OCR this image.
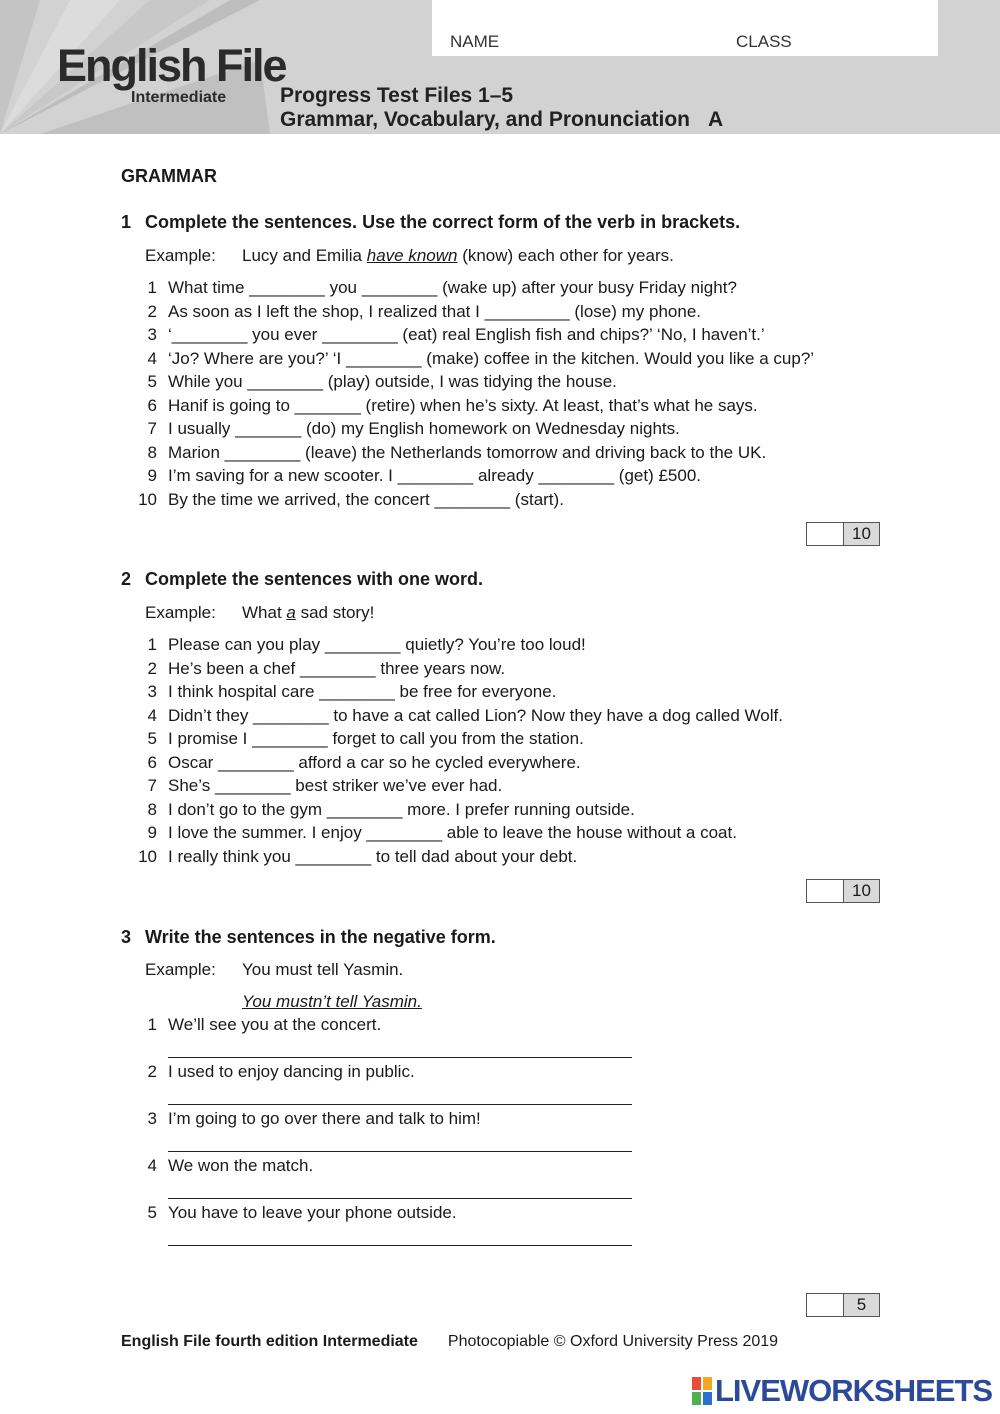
English File
Intermediate
NAME	CLASS
Progress Test Files 1–5
Grammar, Vocabulary, and Pronunciation A
GRAMMAR
1 Complete the sentences. Use the correct form of the verb in brackets.
Example: Lucy and Emilia have known (know) each other for years.
1 What time ________ you ________ (wake up) after your busy Friday night?
2 As soon as I left the shop, I realized that I _________ (lose) my phone.
3 ‘________ you ever ________ (eat) real English fish and chips?’ ‘No, I haven’t.’
4 ‘Jo? Where are you?’ ‘I ________ (make) coffee in the kitchen. Would you like a cup?’
5 While you ________ (play) outside, I was tidying the house.
6 Hanif is going to _______ (retire) when he’s sixty. At least, that’s what he says.
7 I usually _______ (do) my English homework on Wednesday nights.
8 Marion ________ (leave) the Netherlands tomorrow and driving back to the UK.
9 I’m saving for a new scooter. I ________ already ________ (get) £500.
10 By the time we arrived, the concert ________ (start).
10
2 Complete the sentences with one word.
Example: What a sad story!
1 Please can you play ________ quietly? You’re too loud!
2 He’s been a chef ________ three years now.
3 I think hospital care ________ be free for everyone.
4 Didn’t they ________ to have a cat called Lion? Now they have a dog called Wolf.
5 I promise I ________ forget to call you from the station.
6 Oscar ________ afford a car so he cycled everywhere.
7 She’s ________ best striker we’ve ever had.
8 I don’t go to the gym ________ more. I prefer running outside.
9 I love the summer. I enjoy ________ able to leave the house without a coat.
10 I really think you ________ to tell dad about your debt.
10
3 Write the sentences in the negative form.
Example: You must tell Yasmin.
You mustn’t tell Yasmin.
1 We’ll see you at the concert.
2 I used to enjoy dancing in public.
3 I’m going to go over there and talk to him!
4 We won the match.
5 You have to leave your phone outside.
5
English File fourth edition Intermediate Photocopiable © Oxford University Press 2019
LIVEWORKSHEETS
